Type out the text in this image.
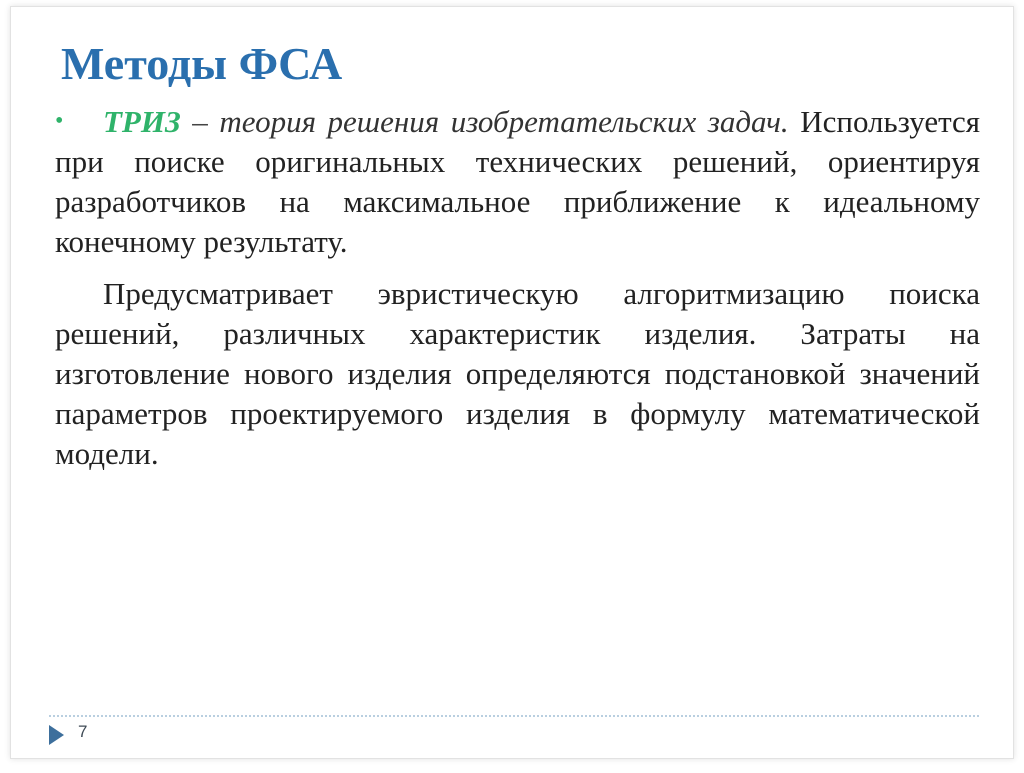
Методы ФСА

• ТРИЗ – теория решения изобретательских задач. Используется при поиске оригинальных технических решений, ориентируя разработчиков на максимальное приближение к идеальному конечному результату.

Предусматривает эвристическую алгоритмизацию поиска решений, различных характеристик изделия. Затраты на изготовление нового изделия определяются подстановкой значений параметров проектируемого изделия в формулу математической модели.

7
